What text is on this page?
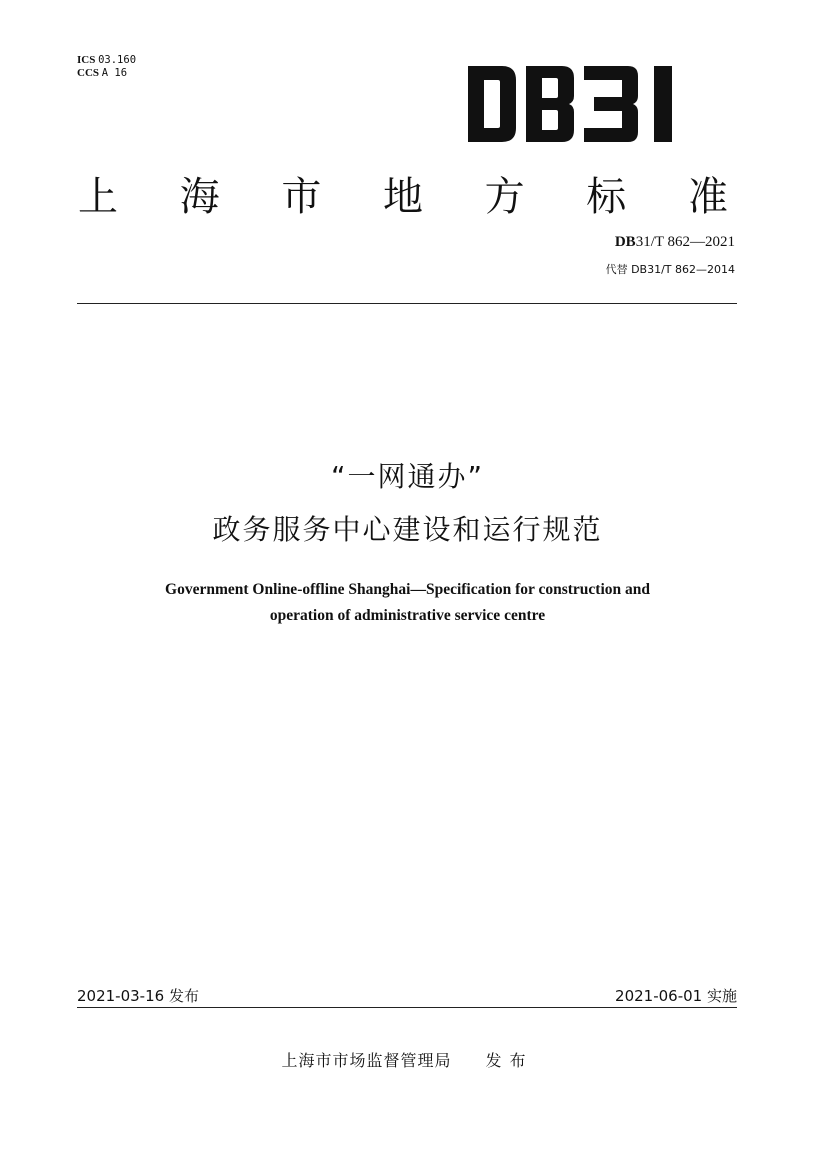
ICS 03.160
CCS A 16
上 海 市 地 方 标 准
DB31/T 862—2021
代替 DB31/T 862—2014
“一网通办”
政务服务中心建设和运行规范
Government Online-offline Shanghai—Specification for construction and
operation of administrative service centre
2021-03-16 发布	2021-06-01 实施
上海市市场监督管理局 发布
